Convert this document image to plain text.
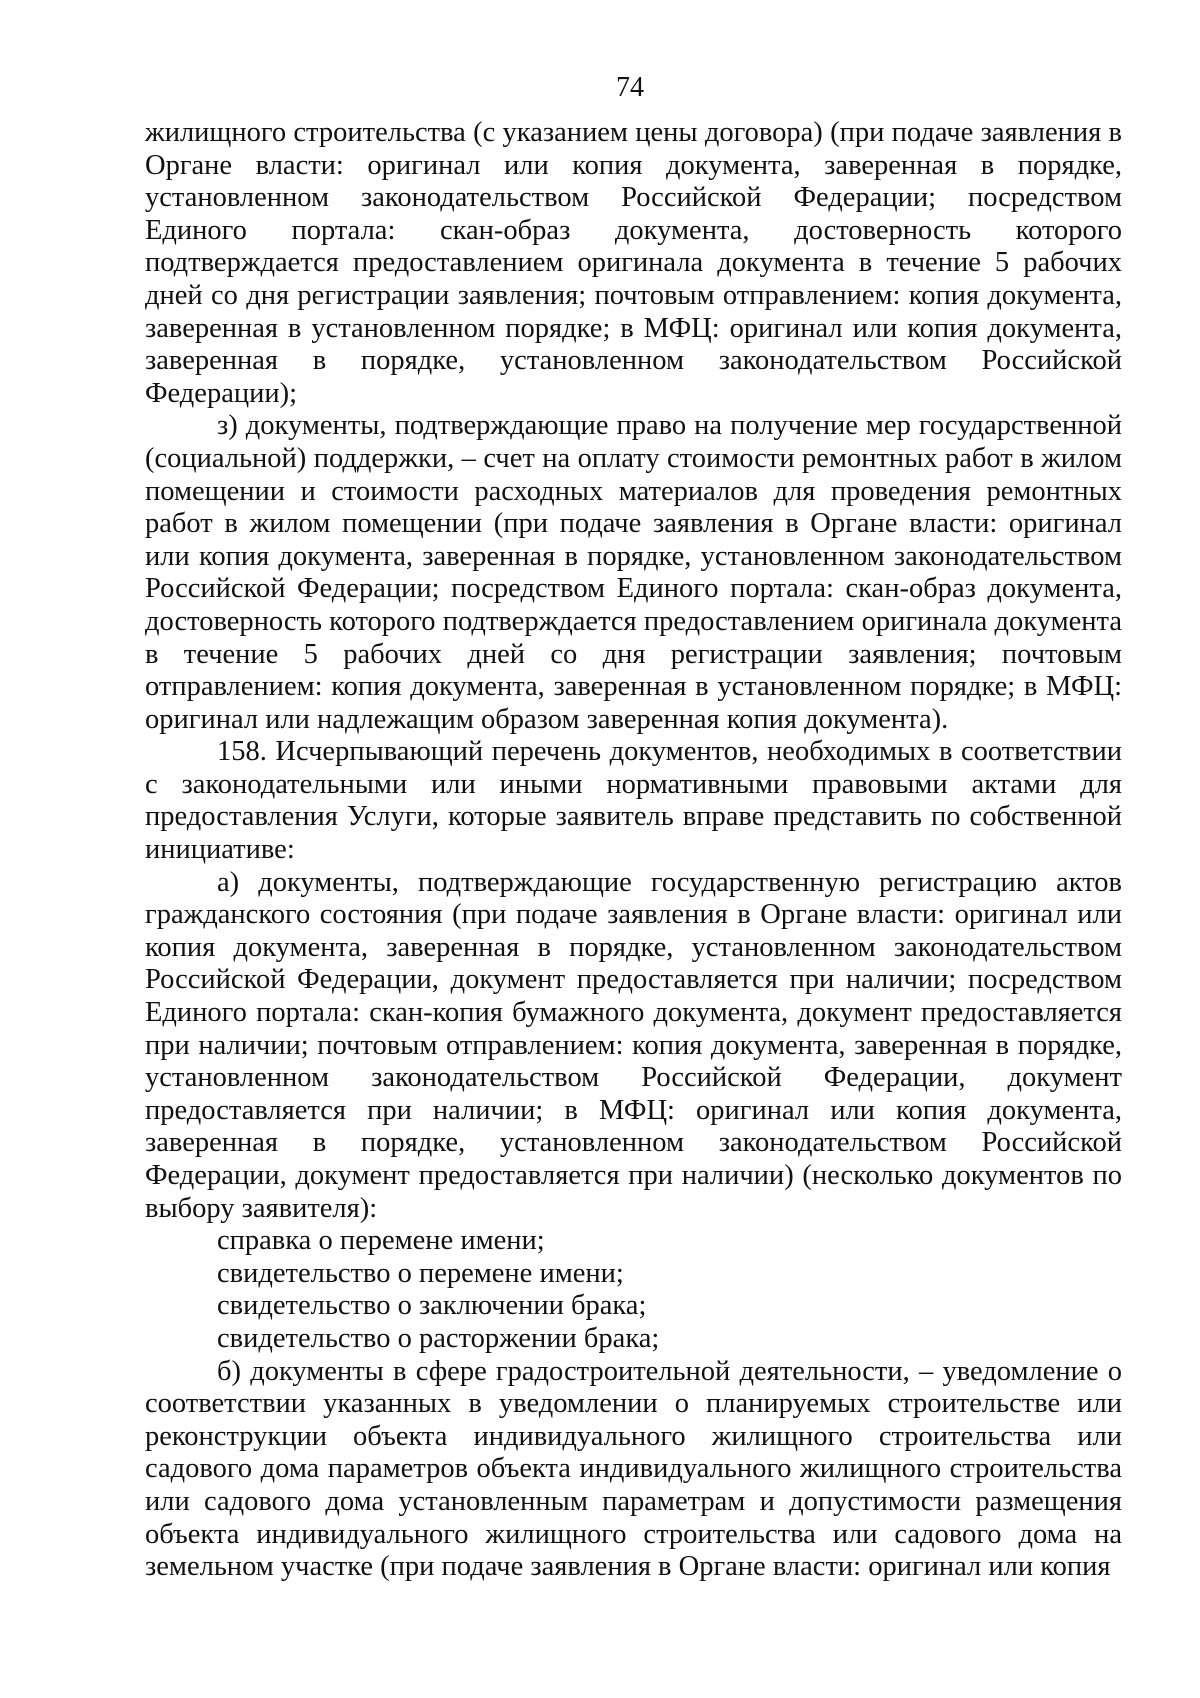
74

жилищного строительства (с указанием цены договора) (при подаче заявления в Органе власти: оригинал или копия документа, заверенная в порядке, установленном законодательством Российской Федерации; посредством Единого портала: скан-образ документа, достоверность которого подтверждается предоставлением оригинала документа в течение 5 рабочих дней со дня регистрации заявления; почтовым отправлением: копия документа, заверенная в установленном порядке; в МФЦ: оригинал или копия документа, заверенная в порядке, установленном законодательством Российской Федерации);

з) документы, подтверждающие право на получение мер государственной (социальной) поддержки, – счет на оплату стоимости ремонтных работ в жилом помещении и стоимости расходных материалов для проведения ремонтных работ в жилом помещении (при подаче заявления в Органе власти: оригинал или копия документа, заверенная в порядке, установленном законодательством Российской Федерации; посредством Единого портала: скан-образ документа, достоверность которого подтверждается предоставлением оригинала документа в течение 5 рабочих дней со дня регистрации заявления; почтовым отправлением: копия документа, заверенная в установленном порядке; в МФЦ: оригинал или надлежащим образом заверенная копия документа).

158. Исчерпывающий перечень документов, необходимых в соответствии с законодательными или иными нормативными правовыми актами для предоставления Услуги, которые заявитель вправе представить по собственной инициативе:

а) документы, подтверждающие государственную регистрацию актов гражданского состояния (при подаче заявления в Органе власти: оригинал или копия документа, заверенная в порядке, установленном законодательством Российской Федерации, документ предоставляется при наличии; посредством Единого портала: скан-копия бумажного документа, документ предоставляется при наличии; почтовым отправлением: копия документа, заверенная в порядке, установленном законодательством Российской Федерации, документ предоставляется при наличии; в МФЦ: оригинал или копия документа, заверенная в порядке, установленном законодательством Российской Федерации, документ предоставляется при наличии) (несколько документов по выбору заявителя):

справка о перемене имени;

свидетельство о перемене имени;

свидетельство о заключении брака;

свидетельство о расторжении брака;

б) документы в сфере градостроительной деятельности, – уведомление о соответствии указанных в уведомлении о планируемых строительстве или реконструкции объекта индивидуального жилищного строительства или садового дома параметров объекта индивидуального жилищного строительства или садового дома установленным параметрам и допустимости размещения объекта индивидуального жилищного строительства или садового дома на земельном участке (при подаче заявления в Органе власти: оригинал или копия
